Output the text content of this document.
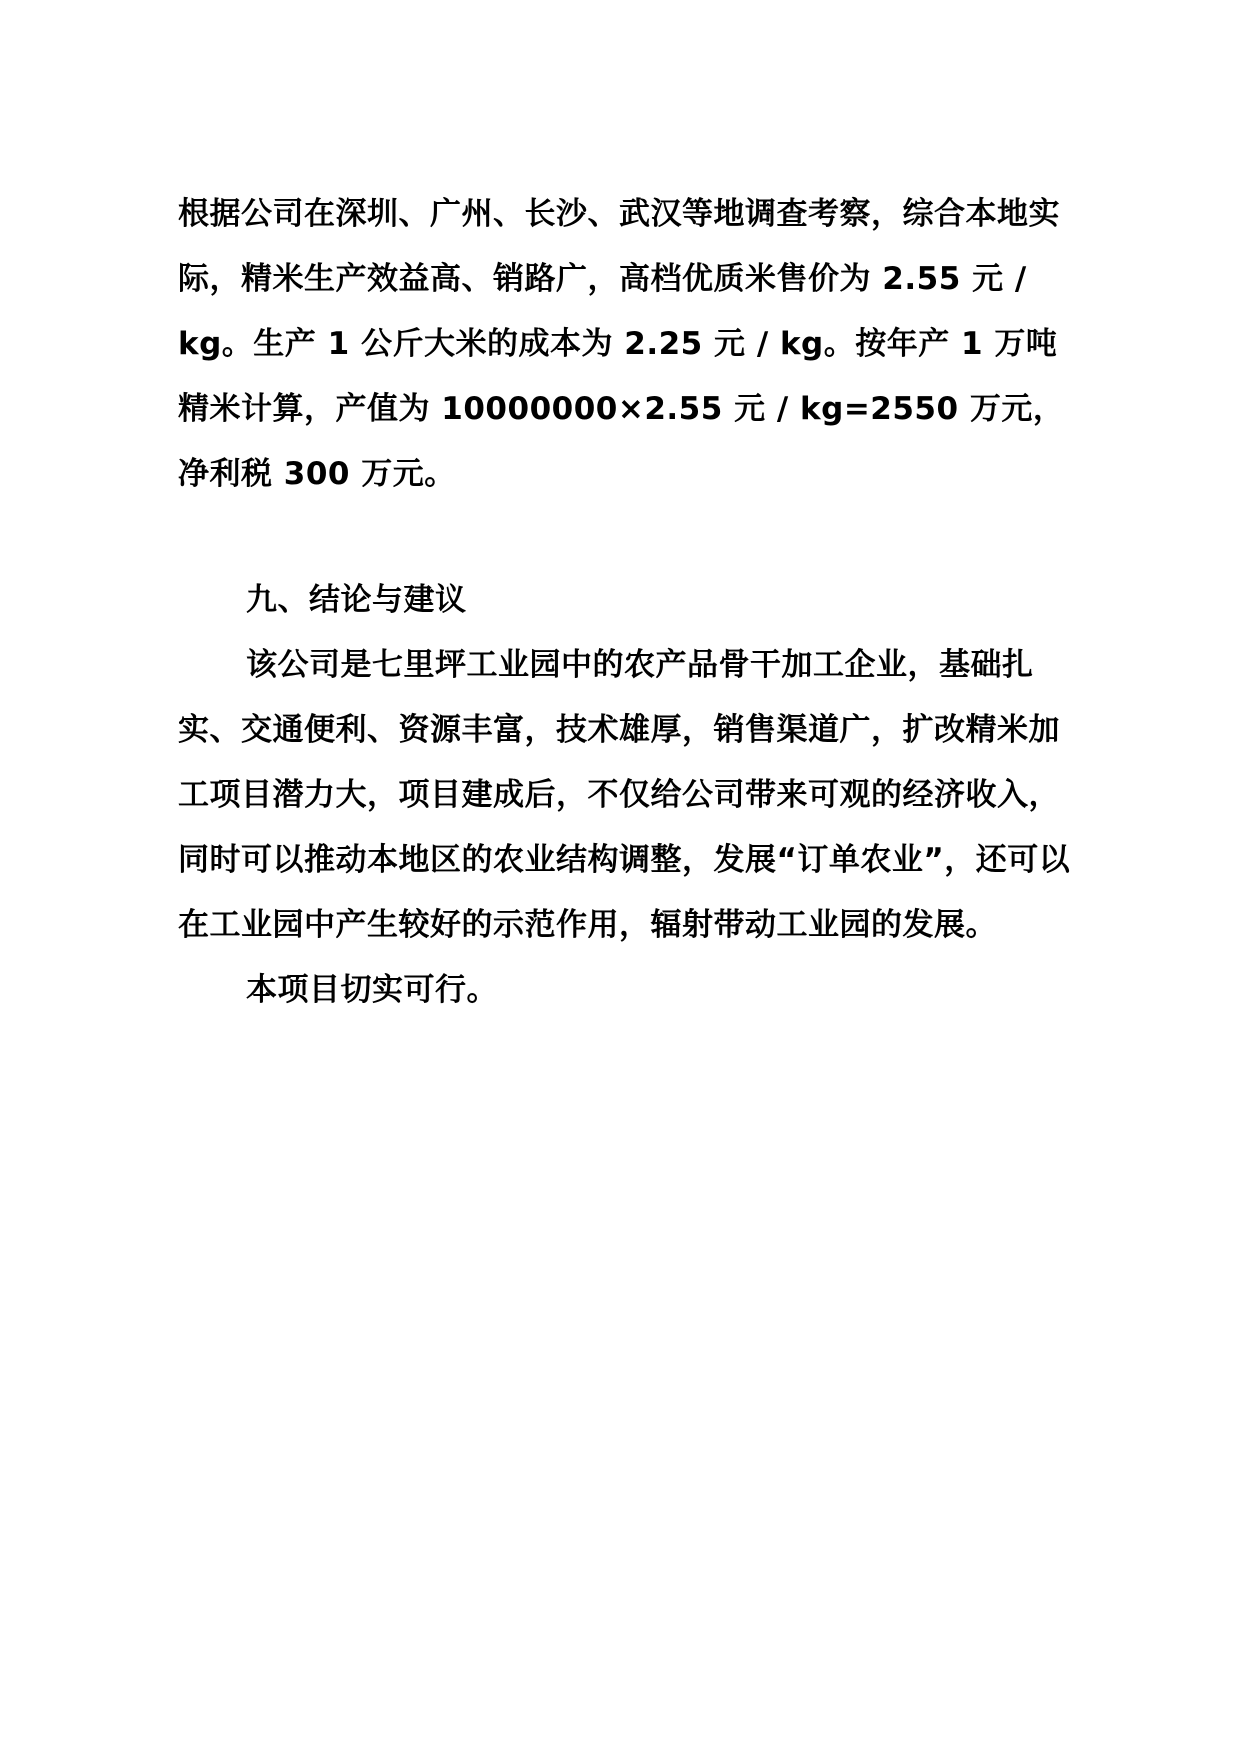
根据公司在深圳、广州、长沙、武汉等地调查考察，综合本地实际，精米生产效益高、销路广，高档优质米售价为 2.55 元 / kg。生产 1 公斤大米的成本为 2.25 元 / kg。按年产 1 万吨精米计算，产值为 10000000×2.55 元 / kg=2550 万元，净利税 300 万元。

九、结论与建议

该公司是七里坪工业园中的农产品骨干加工企业，基础扎实、交通便利、资源丰富，技术雄厚，销售渠道广，扩改精米加工项目潜力大，项目建成后，不仅给公司带来可观的经济收入，同时可以推动本地区的农业结构调整，发展“订单农业”，还可以在工业园中产生较好的示范作用，辐射带动工业园的发展。

本项目切实可行。
